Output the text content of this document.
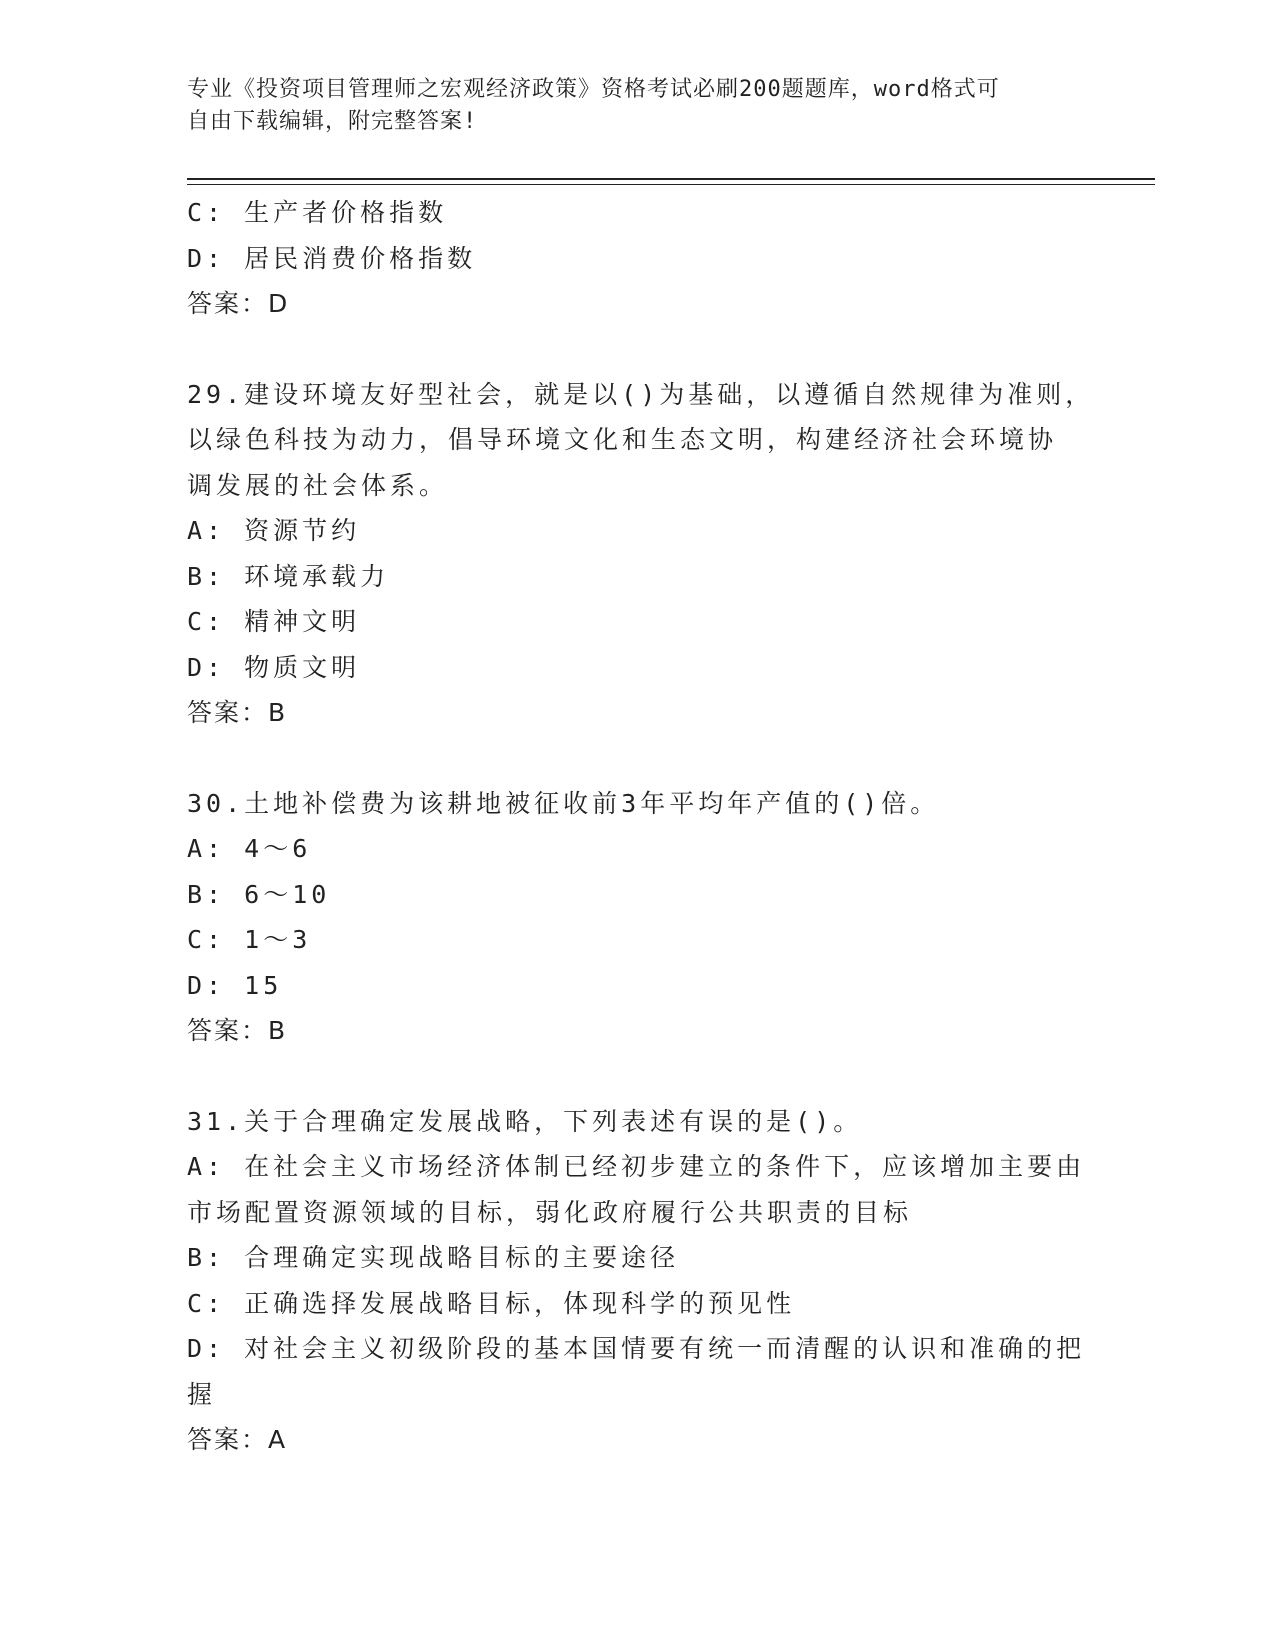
专业《投资项目管理师之宏观经济政策》资格考试必刷200题题库，word格式可
自由下载编辑，附完整答案!

C: 生产者价格指数

D: 居民消费价格指数

答案：D

29.建设环境友好型社会，就是以()为基础，以遵循自然规律为准则，

以绿色科技为动力，倡导环境文化和生态文明，构建经济社会环境协

调发展的社会体系。

A: 资源节约

B: 环境承载力

C: 精神文明

D: 物质文明

答案：B

30.土地补偿费为该耕地被征收前3年平均年产值的()倍。

A: 4～6

B: 6～10

C: 1～3

D: 15

答案：B

31.关于合理确定发展战略，下列表述有误的是()。

A: 在社会主义市场经济体制已经初步建立的条件下，应该增加主要由

市场配置资源领域的目标，弱化政府履行公共职责的目标

B: 合理确定实现战略目标的主要途径

C: 正确选择发展战略目标，体现科学的预见性

D: 对社会主义初级阶段的基本国情要有统一而清醒的认识和准确的把

握

答案：A
